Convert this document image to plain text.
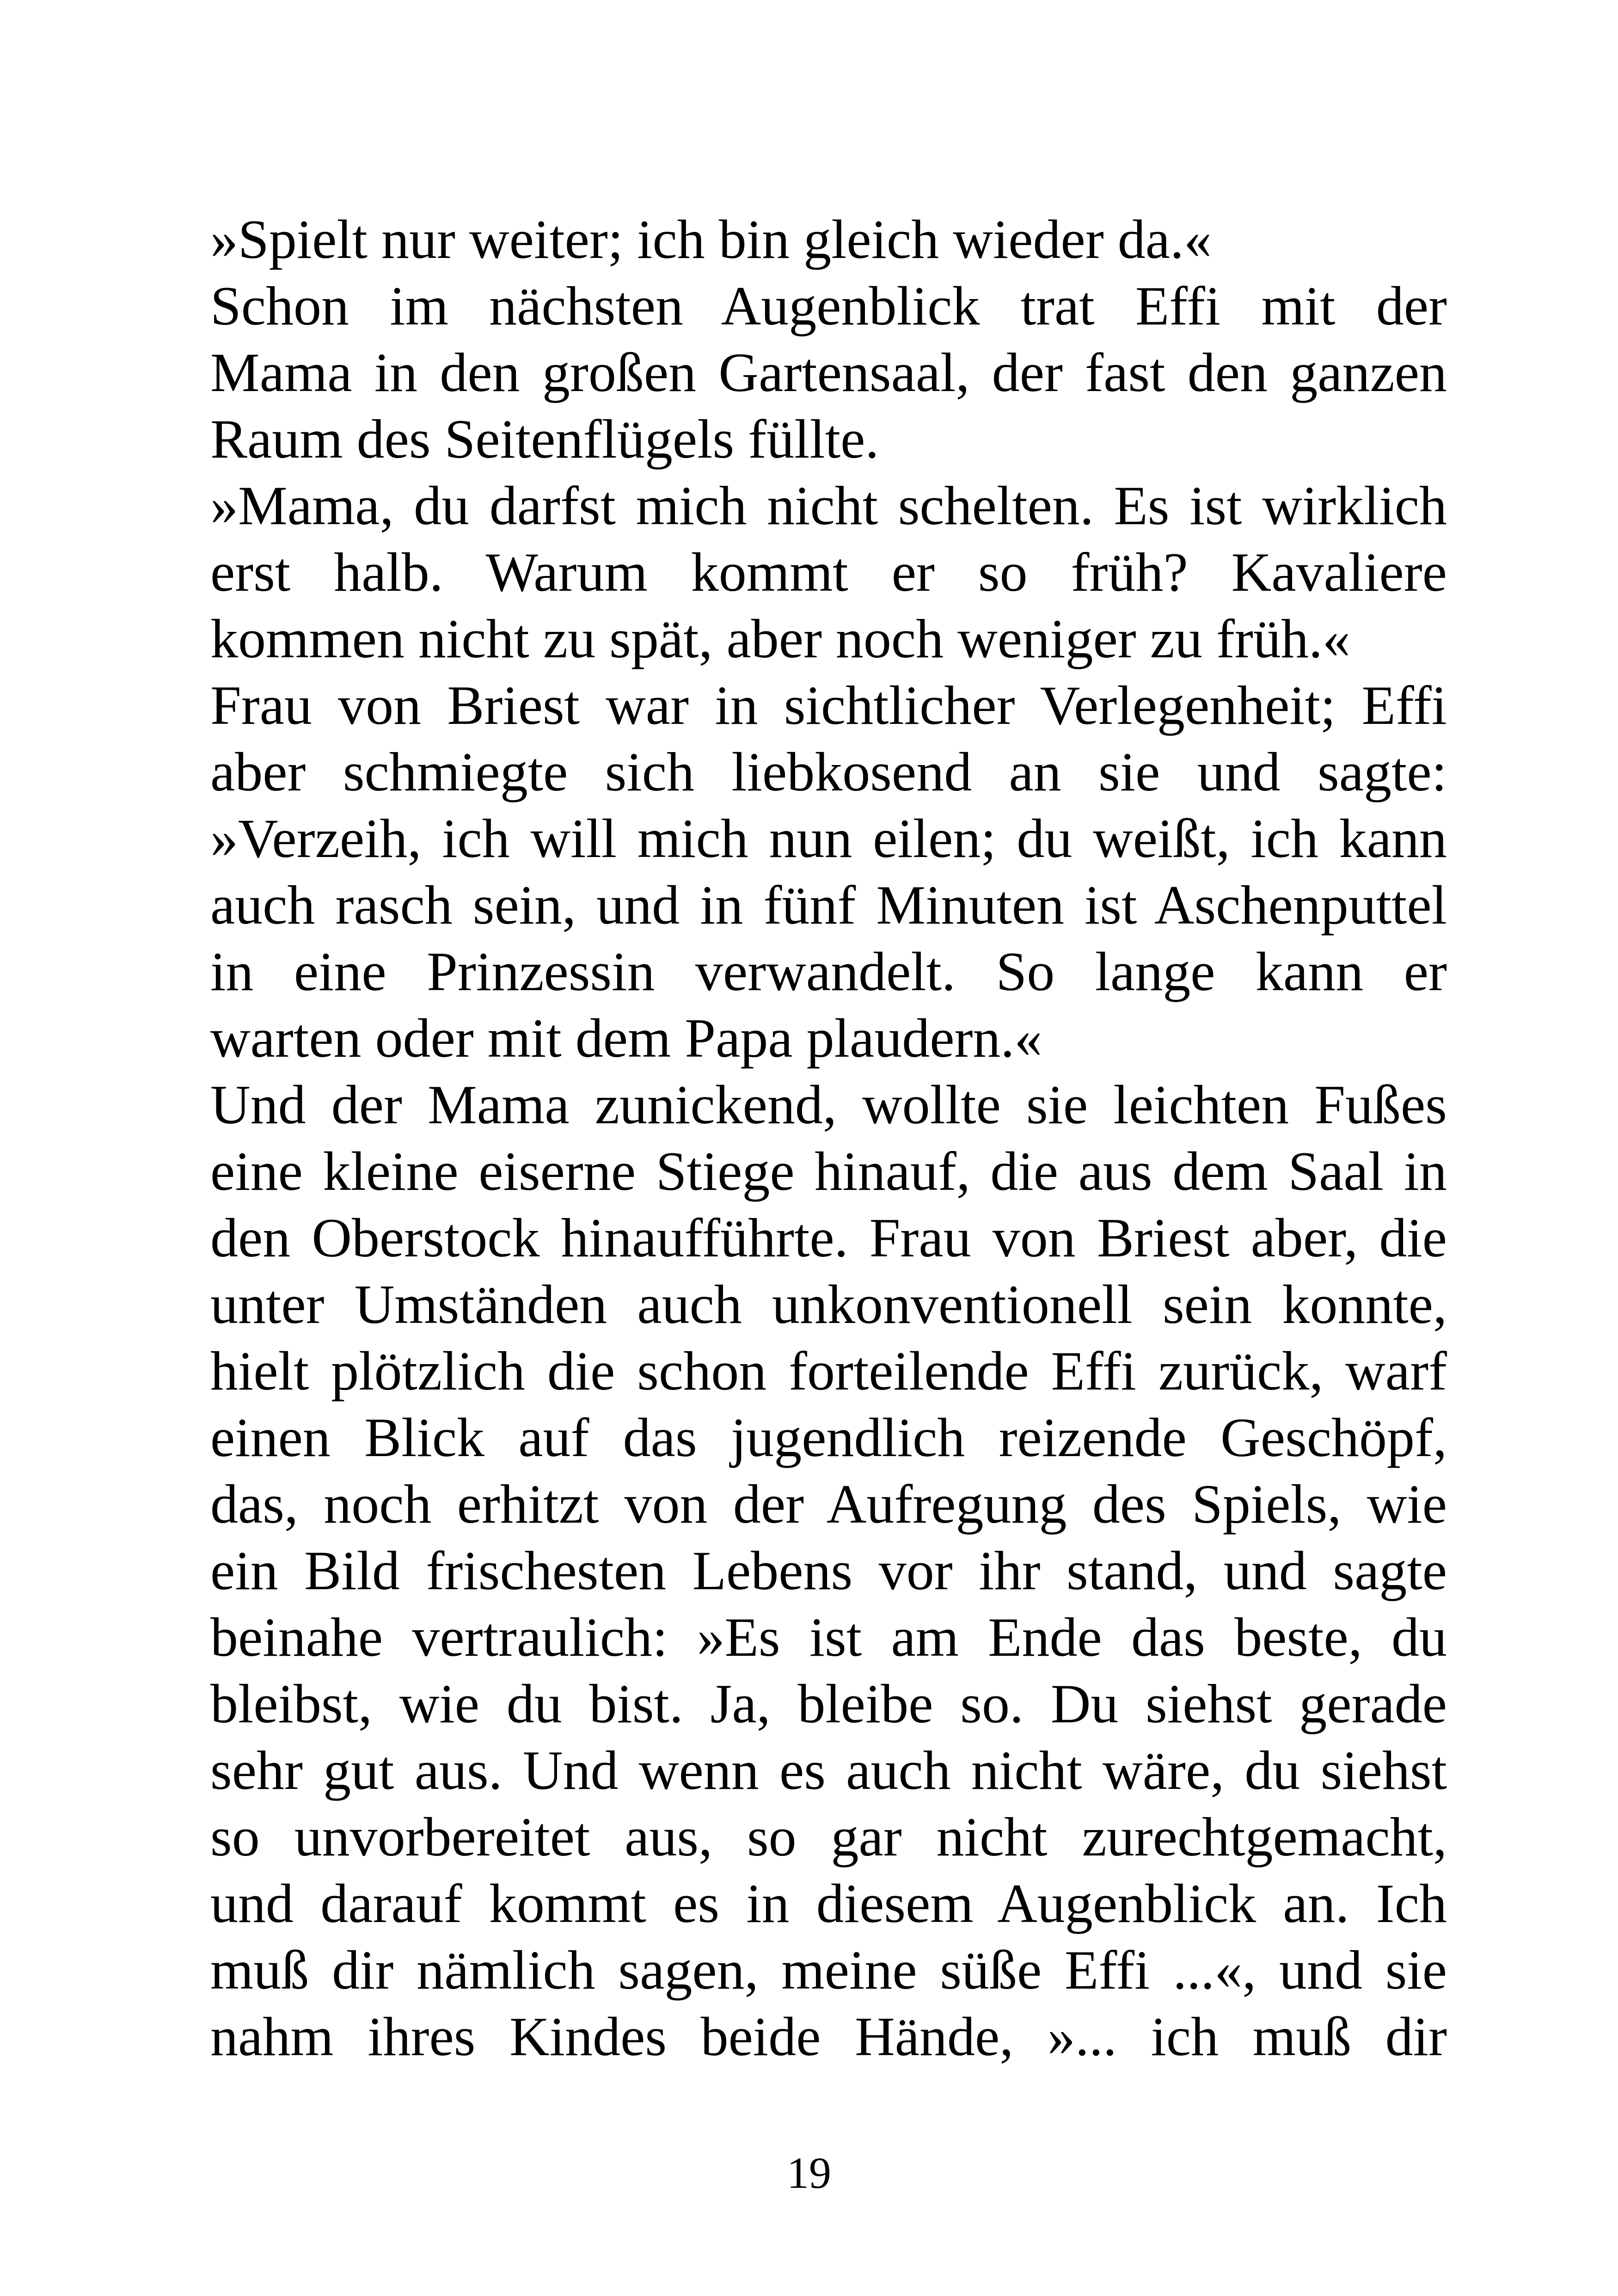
»Spielt nur weiter; ich bin gleich wieder da.«
Schon im nächsten Augenblick trat Effi mit der
Mama in den großen Gartensaal, der fast den ganzen
Raum des Seitenflügels füllte.
»Mama, du darfst mich nicht schelten. Es ist wirklich
erst halb. Warum kommt er so früh? Kavaliere
kommen nicht zu spät, aber noch weniger zu früh.«
Frau von Briest war in sichtlicher Verlegenheit; Effi
aber schmiegte sich liebkosend an sie und sagte:
»Verzeih, ich will mich nun eilen; du weißt, ich kann
auch rasch sein, und in fünf Minuten ist Aschenputtel
in eine Prinzessin verwandelt. So lange kann er
warten oder mit dem Papa plaudern.«
Und der Mama zunickend, wollte sie leichten Fußes
eine kleine eiserne Stiege hinauf, die aus dem Saal in
den Oberstock hinaufführte. Frau von Briest aber, die
unter Umständen auch unkonventionell sein konnte,
hielt plötzlich die schon forteilende Effi zurück, warf
einen Blick auf das jugendlich reizende Geschöpf,
das, noch erhitzt von der Aufregung des Spiels, wie
ein Bild frischesten Lebens vor ihr stand, und sagte
beinahe vertraulich: »Es ist am Ende das beste, du
bleibst, wie du bist. Ja, bleibe so. Du siehst gerade
sehr gut aus. Und wenn es auch nicht wäre, du siehst
so unvorbereitet aus, so gar nicht zurechtgemacht,
und darauf kommt es in diesem Augenblick an. Ich
muß dir nämlich sagen, meine süße Effi ...«, und sie
nahm ihres Kindes beide Hände, »... ich muß dir
19
